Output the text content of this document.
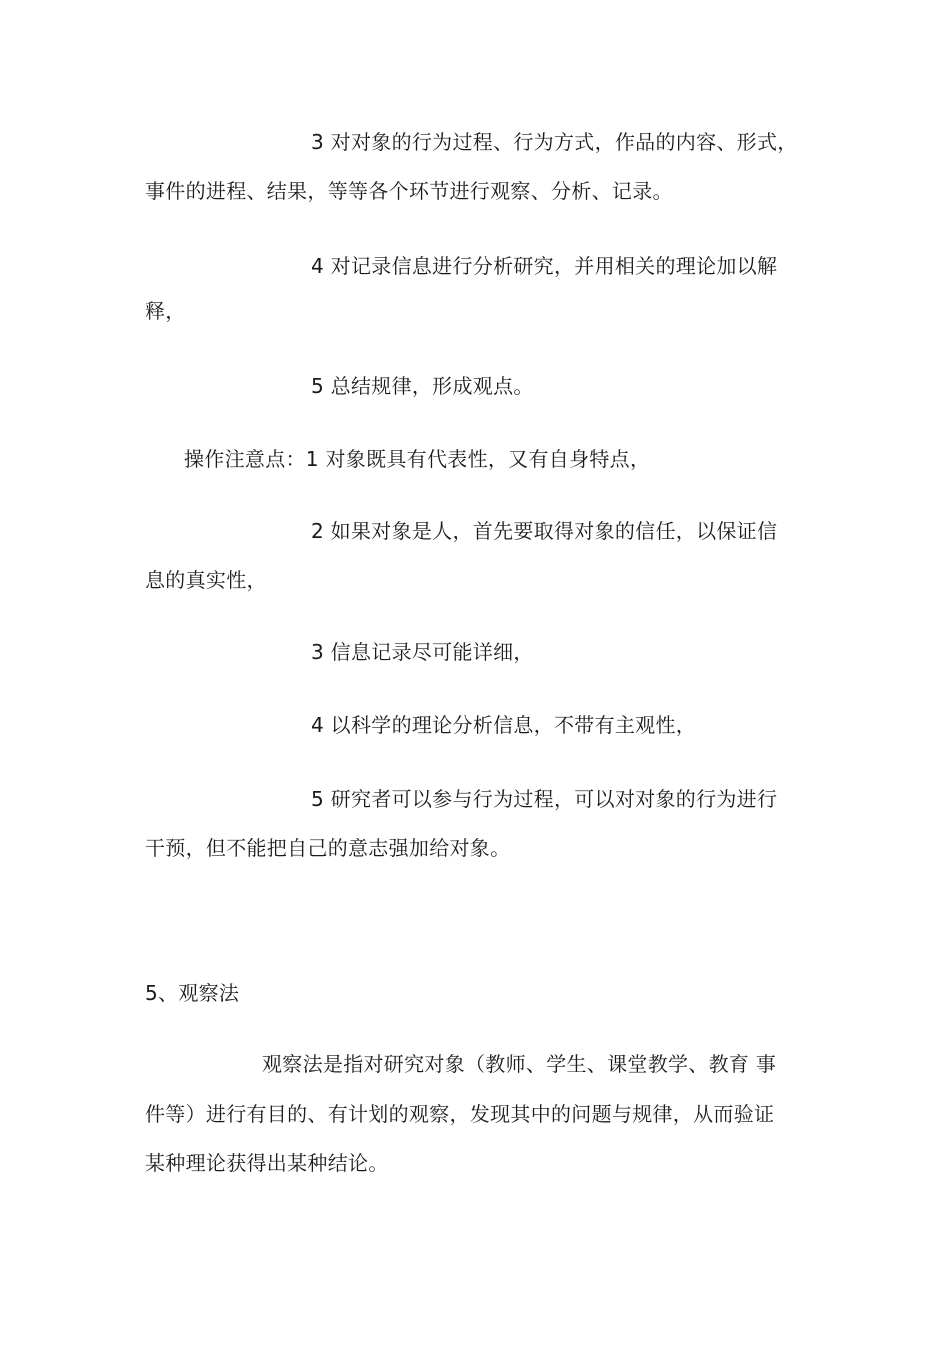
3 对对象的行为过程、行为方式，作品的内容、形式，
事件的进程、结果，等等各个环节进行观察、分析、记录。
4 对记录信息进行分析研究，并用相关的理论加以解
释，
5 总结规律，形成观点。
操作注意点：1 对象既具有代表性，又有自身特点，
2 如果对象是人，首先要取得对象的信任，以保证信
息的真实性，
3 信息记录尽可能详细，
4 以科学的理论分析信息，不带有主观性，
5 研究者可以参与行为过程，可以对对象的行为进行
干预，但不能把自己的意志强加给对象。
5、观察法
观察法是指对研究对象（教师、学生、课堂教学、教育 事
件等）进行有目的、有计划的观察，发现其中的问题与规律，从而验证
某种理论获得出某种结论。
